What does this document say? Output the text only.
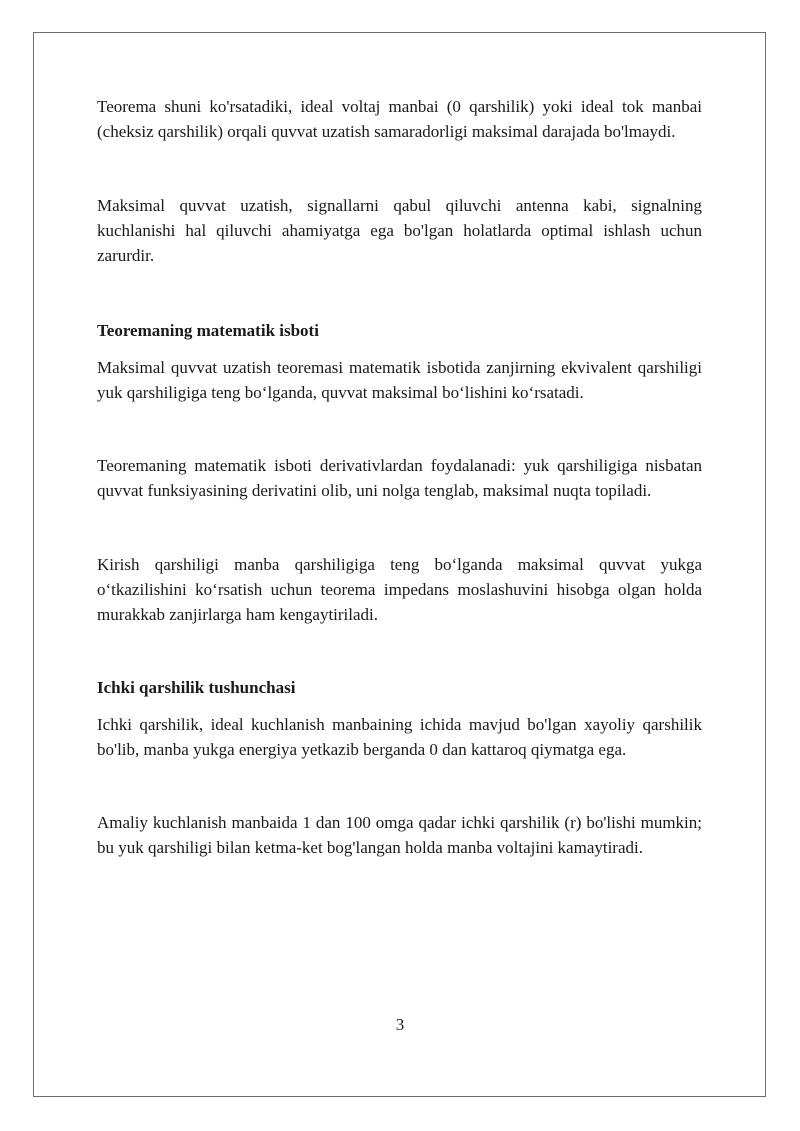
Teorema shuni ko'rsatadiki, ideal voltaj manbai (0 qarshilik) yoki ideal tok manbai (cheksiz qarshilik) orqali quvvat uzatish samaradorligi maksimal darajada bo'lmaydi.

Maksimal quvvat uzatish, signallarni qabul qiluvchi antenna kabi, signalning kuchlanishi hal qiluvchi ahamiyatga ega bo'lgan holatlarda optimal ishlash uchun zarurdir.

Teoremaning matematik isboti

Maksimal quvvat uzatish teoremasi matematik isbotida zanjirning ekvivalent qarshiligi yuk qarshiligiga teng bo‘lganda, quvvat maksimal bo‘lishini ko‘rsatadi.

Teoremaning matematik isboti derivativlardan foydalanadi: yuk qarshiligiga nisbatan quvvat funksiyasining derivatini olib, uni nolga tenglab, maksimal nuqta topiladi.

Kirish qarshiligi manba qarshiligiga teng bo‘lganda maksimal quvvat yukga o‘tkazilishini ko‘rsatish uchun teorema impedans moslashuvini hisobga olgan holda murakkab zanjirlarga ham kengaytiriladi.

Ichki qarshilik tushunchasi

Ichki qarshilik, ideal kuchlanish manbaining ichida mavjud bo'lgan xayoliy qarshilik bo'lib, manba yukga energiya yetkazib berganda 0 dan kattaroq qiymatga ega.

Amaliy kuchlanish manbaida 1 dan 100 omga qadar ichki qarshilik (r) bo'lishi mumkin; bu yuk qarshiligi bilan ketma-ket bog'langan holda manba voltajini kamaytiradi.

3
